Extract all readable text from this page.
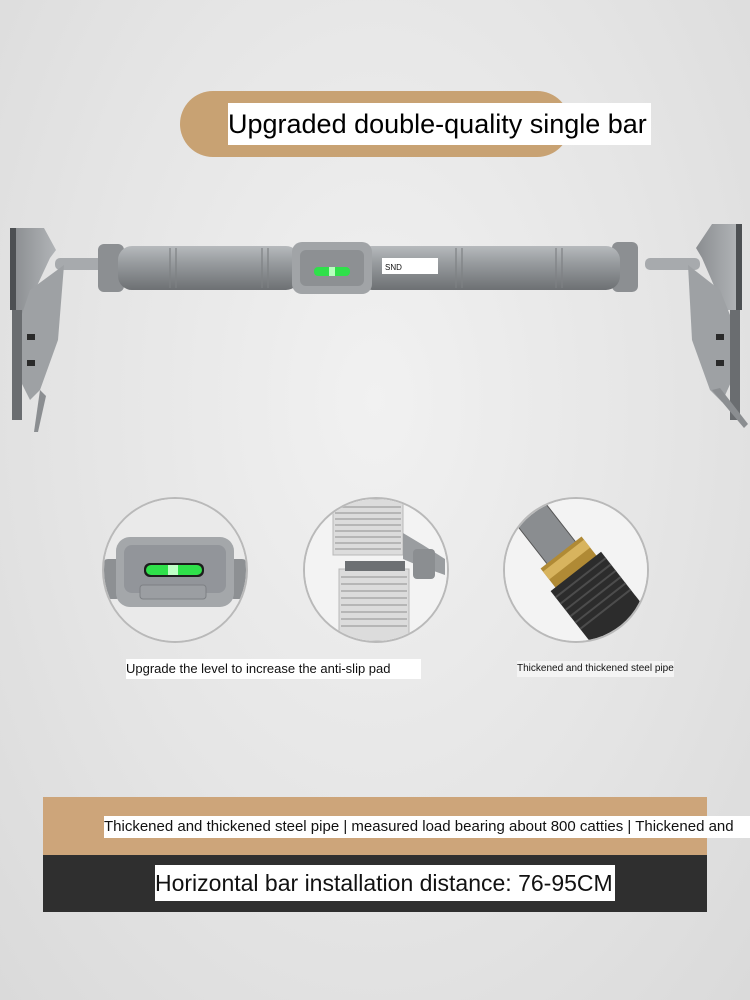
Upgraded double-quality single bar
SND
Upgrade the level to increase the anti-slip pad	Thickened and thickened steel pipe
Thickened and thickened steel pipe | measured load bearing about 800 catties | Thickened and
Horizontal bar installation distance: 76-95CM
